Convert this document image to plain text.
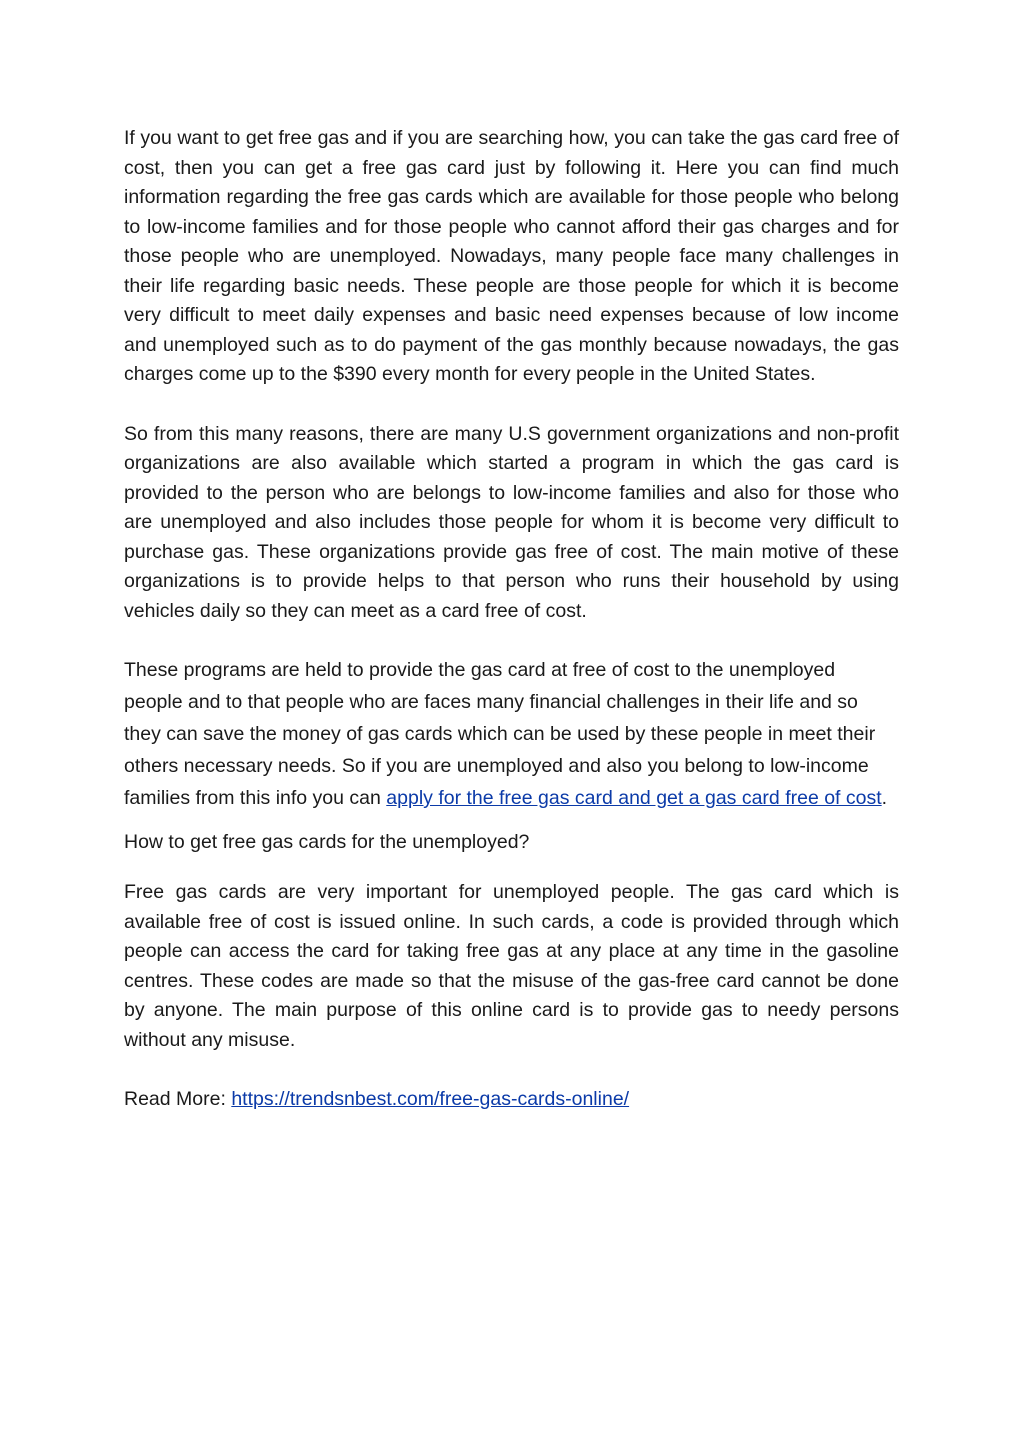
If you want to get free gas and if you are searching how, you can take the gas card free of cost, then you can get a free gas card just by following it. Here you can find much information regarding the free gas cards which are available for those people who belong to low-income families and for those people who cannot afford their gas charges and for those people who are unemployed. Nowadays, many people face many challenges in their life regarding basic needs. These people are those people for which it is become very difficult to meet daily expenses and basic need expenses because of low income and unemployed such as to do payment of the gas monthly because nowadays, the gas charges come up to the $390 every month for every people in the United States.

So from this many reasons, there are many U.S government organizations and non-profit organizations are also available which started a program in which the gas card is provided to the person who are belongs to low-income families and also for those who are unemployed and also includes those people for whom it is become very difficult to purchase gas. These organizations provide gas free of cost. The main motive of these organizations is to provide helps to that person who runs their household by using vehicles daily so they can meet as a card free of cost.

These programs are held to provide the gas card at free of cost to the unemployed people and to that people who are faces many financial challenges in their life and so they can save the money of gas cards which can be used by these people in meet their others necessary needs. So if you are unemployed and also you belong to low-income families from this info you can apply for the free gas card and get a gas card free of cost.

How to get free gas cards for the unemployed?

Free gas cards are very important for unemployed people. The gas card which is available free of cost is issued online. In such cards, a code is provided through which people can access the card for taking free gas at any place at any time in the gasoline centres. These codes are made so that the misuse of the gas-free card cannot be done by anyone. The main purpose of this online card is to provide gas to needy persons without any misuse.

Read More: https://trendsnbest.com/free-gas-cards-online/
